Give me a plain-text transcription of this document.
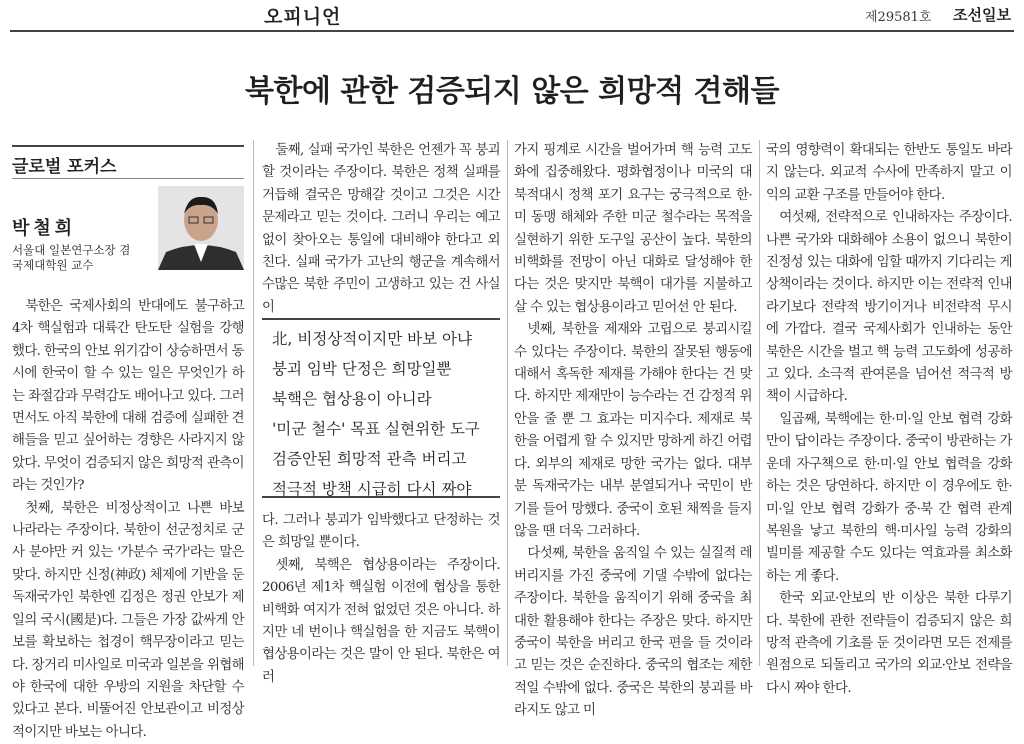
오피니언	제29581호 조선일보
북한에 관한 검증되지 않은 희망적 견해들
글로벌 포커스
박철희
서울대 일본연구소장 겸
국제대학원 교수

북한은 국제사회의 반대에도 불구하고 4차 핵실험과 대륙간 탄도탄 실험을 강행했다. 한국의 안보 위기감이 상승하면서 동시에 한국이 할 수 있는 일은 무엇인가 하는 좌절감과 무력감도 배어나고 있다. 그러면서도 아직 북한에 대해 검증에 실패한 견해들을 믿고 싶어하는 경향은 사라지지 않았다. 무엇이 검증되지 않은 희망적 관측이라는 것인가?

첫째, 북한은 비정상적이고 나쁜 바보 나라라는 주장이다. 북한이 선군정치로 군사 분야만 커 있는 '가분수 국가'라는 말은 맞다. 하지만 신정(神政) 체제에 기반을 둔 독재국가인 북한엔 김정은 정권 안보가 제일의 국시(國是)다. 그들은 가장 값싸게 안보를 확보하는 첩경이 핵무장이라고 믿는다. 장거리 미사일로 미국과 일본을 위협해야 한국에 대한 우방의 지원을 차단할 수 있다고 본다. 비뚤어진 안보관이고 비정상적이지만 바보는 아니다.

둘째, 실패 국가인 북한은 언젠가 꼭 붕괴할 것이라는 주장이다. 북한은 정책 실패를 거듭해 결국은 망해갈 것이고 그것은 시간문제라고 믿는 것이다. 그러니 우리는 예고 없이 찾아오는 통일에 대비해야 한다고 외친다. 실패 국가가 고난의 행군을 계속해서 수많은 북한 주민이 고생하고 있는 건 사실이

北, 비정상적이지만 바보 아냐
붕괴 임박 단정은 희망일뿐
북핵은 협상용이 아니라
'미군 철수' 목표 실현위한 도구
검증안된 희망적 관측 버리고
적극적 방책 시급히 다시 짜야

다. 그러나 붕괴가 임박했다고 단정하는 것은 희망일 뿐이다.

셋째, 북핵은 협상용이라는 주장이다. 2006년 제1차 핵실험 이전에 협상을 통한 비핵화 여지가 전혀 없었던 것은 아니다. 하지만 네 번이나 핵실험을 한 지금도 북핵이 협상용이라는 것은 말이 안 된다. 북한은 여러

가지 핑계로 시간을 벌어가며 핵 능력 고도화에 집중해왔다. 평화협정이나 미국의 대북적대시 정책 포기 요구는 궁극적으로 한·미 동맹 해체와 주한 미군 철수라는 목적을 실현하기 위한 도구일 공산이 높다. 북한의 비핵화를 전망이 아닌 대화로 달성해야 한다는 것은 맞지만 북핵이 대가를 지불하고 살 수 있는 협상용이라고 믿어선 안 된다.

넷째, 북한을 제재와 고립으로 붕괴시킬 수 있다는 주장이다. 북한의 잘못된 행동에 대해서 혹독한 제재를 가해야 한다는 건 맞다. 하지만 제재만이 능수라는 건 감정적 위안을 줄 뿐 그 효과는 미지수다. 제재로 북한을 어렵게 할 수 있지만 망하게 하긴 어렵다. 외부의 제재로 망한 국가는 없다. 대부분 독재국가는 내부 분열되거나 국민이 반기를 들어 망했다. 중국이 호된 채찍을 들지 않을 땐 더욱 그러하다.

다섯째, 북한을 움직일 수 있는 실질적 레버리지를 가진 중국에 기댈 수밖에 없다는 주장이다. 북한을 움직이기 위해 중국을 최대한 활용해야 한다는 주장은 맞다. 하지만 중국이 북한을 버리고 한국 편을 들 것이라고 믿는 것은 순진하다. 중국의 협조는 제한적일 수밖에 없다. 중국은 북한의 붕괴를 바라지도 않고 미

국의 영향력이 확대되는 한반도 통일도 바라지 않는다. 외교적 수사에 만족하지 말고 이익의 교환 구조를 만들어야 한다.

여섯째, 전략적으로 인내하자는 주장이다. 나쁜 국가와 대화해야 소용이 없으니 북한이 진정성 있는 대화에 임할 때까지 기다리는 게 상책이라는 것이다. 하지만 이는 전략적 인내라기보다 전략적 방기이거나 비전략적 무시에 가깝다. 결국 국제사회가 인내하는 동안 북한은 시간을 벌고 핵 능력 고도화에 성공하고 있다. 소극적 관여론을 넘어선 적극적 방책이 시급하다.

일곱째, 북핵에는 한·미·일 안보 협력 강화만이 답이라는 주장이다. 중국이 방관하는 가운데 자구책으로 한·미·일 안보 협력을 강화하는 것은 당연하다. 하지만 이 경우에도 한·미·일 안보 협력 강화가 중·북 간 협력 관계 복원을 낳고 북한의 핵·미사일 능력 강화의 빌미를 제공할 수도 있다는 역효과를 최소화하는 게 좋다.

한국 외교·안보의 반 이상은 북한 다루기다. 북한에 관한 전략들이 검증되지 않은 희망적 관측에 기초를 둔 것이라면 모든 전제를 원점으로 되돌리고 국가의 외교·안보 전략을 다시 짜야 한다.
